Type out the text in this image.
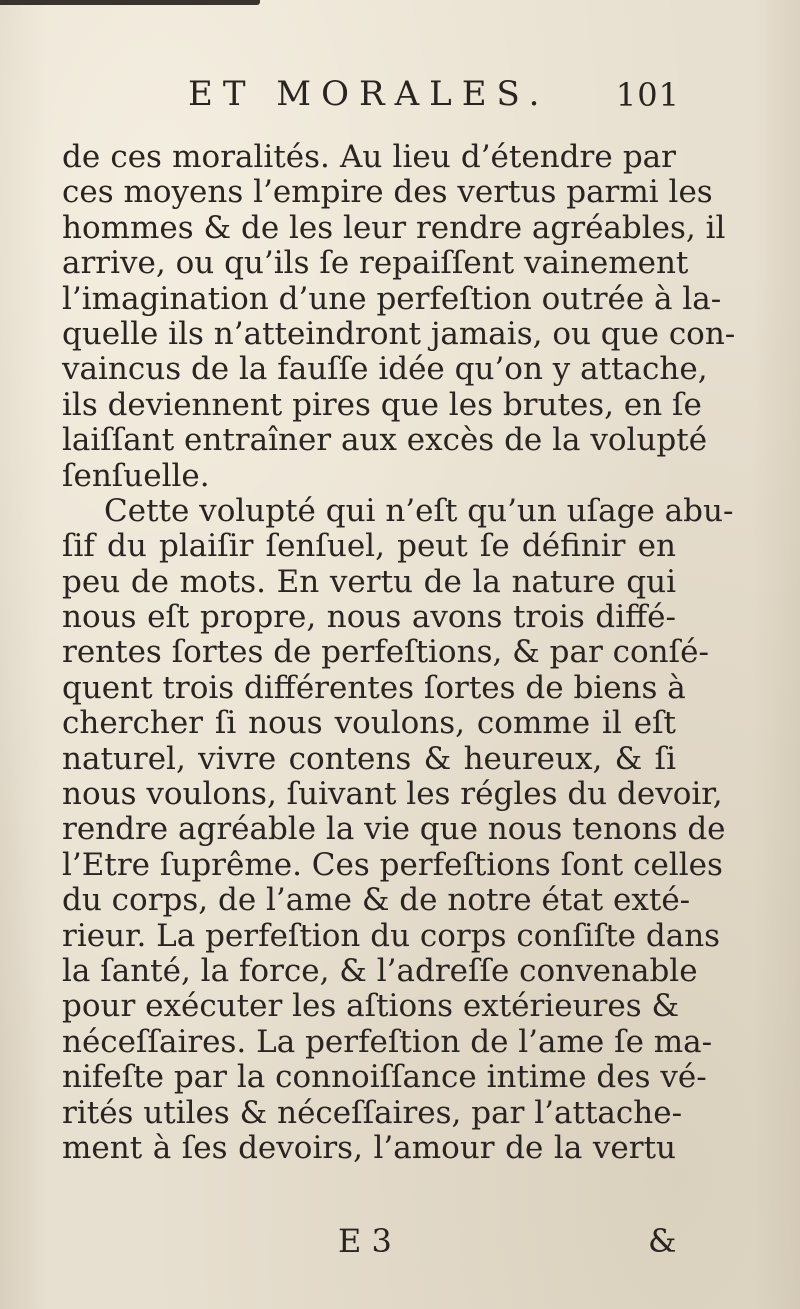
ET MORALES. 101
de ces moralités. Au lieu d’étendre par
ces moyens l’empire des vertus parmi les
hommes & de les leur rendre agréables, il
arrive, ou qu’ils ſe repaiſſent vainement
l’imagination d’une perfeſtion outrée à la-
quelle ils n’atteindront jamais, ou que con-
vaincus de la fauſſe idée qu’on y attache,
ils deviennent pires que les brutes, en ſe
laiſſant entraîner aux excès de la volupté
ſenſuelle.
Cette volupté qui n’eſt qu’un uſage abu-
ſif du plaiſir ſenſuel, peut ſe définir en
peu de mots. En vertu de la nature qui
nous eſt propre, nous avons trois diffé-
rentes ſortes de perfeſtions, & par conſé-
quent trois différentes ſortes de biens à
chercher ſi nous voulons, comme il eſt
naturel, vivre contens & heureux, & ſi
nous voulons, ſuivant les régles du devoir,
rendre agréable la vie que nous tenons de
l’Etre ſuprême. Ces perfeſtions ſont celles
du corps, de l’ame & de notre état exté-
rieur. La perfeſtion du corps conſiſte dans
la ſanté, la force, & l’adreſſe convenable
pour exécuter les aſtions extérieures &
néceſſaires. La perfeſtion de l’ame ſe ma-
nifeſte par la connoiſſance intime des vé-
rités utiles & néceſſaires, par l’attache-
ment à ſes devoirs, l’amour de la vertu
E 3	&
